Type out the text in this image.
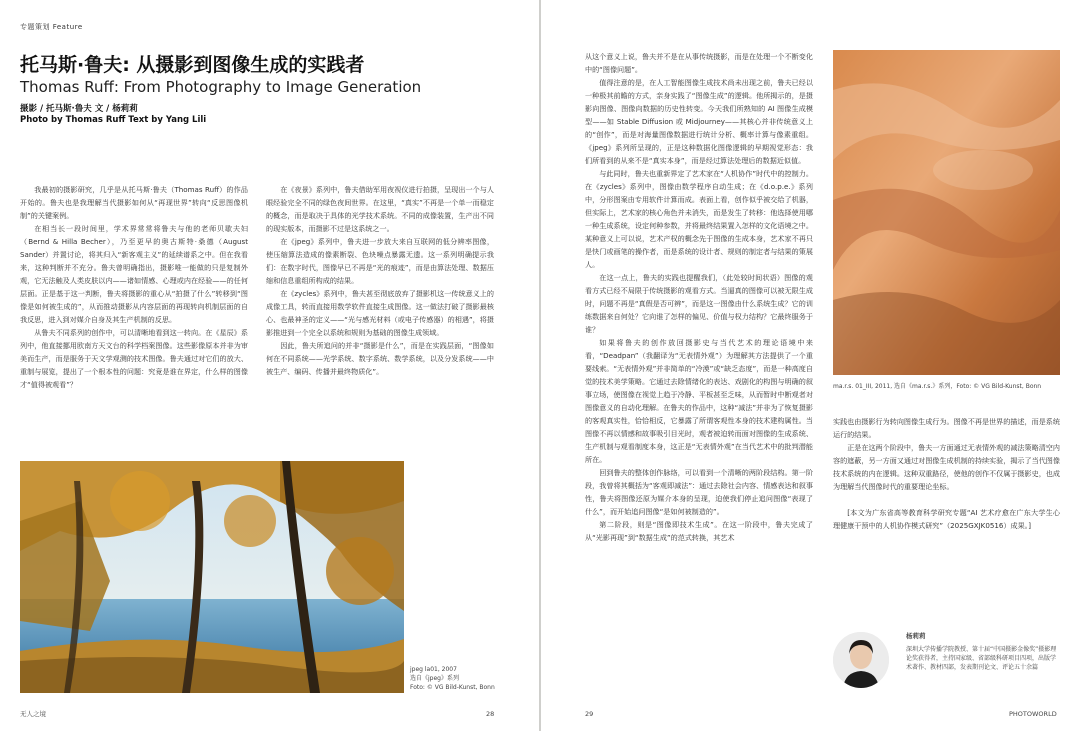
专题策划 Feature
托马斯·鲁夫: 从摄影到图像生成的实践者
Thomas Ruff: From Photography to Image Generation
摄影 / 托马斯·鲁夫 文 / 杨莉莉
Photo by Thomas Ruff Text by Yang Lili

我最初的摄影研究，几乎是从托马斯·鲁夫（Thomas Ruff）的作品开始的。鲁夫也是我理解当代摄影如何从“再现世界”转向“反思图像机制”的关键案例。

在相当长一段时间里，学术界常常将鲁夫与他的老师贝歇夫妇（Bernd & Hilla Becher），乃至更早的奥古斯特·桑德（August Sander）并置讨论，将其归入“新客观主义”的延续谱系之中。但在我看来，这种判断并不充分。鲁夫曾明确指出，摄影唯一能做的只是复制外观，它无法触及人类皮肤以内——诸如情感、心理或内在经验——的任何层面。正是基于这一判断，鲁夫将摄影的重心从“拍摄了什么”转移到“图像是如何被生成的”，从而推动摄影从内容层面的再现转向机制层面的自我反思，进入到对媒介自身及其生产机制的反思。

从鲁夫不同系列的创作中，可以清晰地看到这一转向。在《星辰》系列中，他直接挪用欧南方天文台的科学档案图像。这些影像原本并非为审美而生产，而是服务于天文学观测的技术图像。鲁夫通过对它们的放大、重制与展览，提出了一个根本性的问题：究竟是谁在界定，什么样的图像才“值得被观看”？

在《夜景》系列中，鲁夫借助军用夜视仪进行拍摄，呈现出一个与人眼经验完全不同的绿色夜间世界。在这里，“真实”不再是一个单一而稳定的概念，而是取决于具体的光学技术系统。不同的成像装置，生产出不同的现实版本，而摄影不过是这系统之一。

在《jpeg》系列中，鲁夫进一步放大来自互联网的低分辨率图像，使压缩算法造成的像素断裂、色块噪点暴露无遗。这一系列明确提示我们：在数字时代，图像早已不再是“光的痕迹”，而是由算法处理、数据压缩和信息重组所构成的结果。

在《zycles》系列中，鲁夫甚至彻底放弃了摄影机这一传统意义上的成像工具，转而直接用数学软件直接生成图像。这一做法打破了摄影最核心、也最神圣的定义——“光与感光材料（或电子传感器）的相遇”，将摄影推进到一个完全以系统和规则为基础的图像生成领域。

因此，鲁夫所追问的并非“摄影是什么”，而是在实践层面，“图像如何在不同系统——光学系统、数字系统、数学系统，以及分发系统——中被生产、编码、传播并最终物质化”。

jpeg la01, 2007
选自《jpeg》系列
Foto: © VG Bild-Kunst, Bonn
无人之境	28

从这个意义上说，鲁夫并不是在从事传统摄影，而是在处理一个不断变化中的“图像问题”。

值得注意的是，在人工智能图像生成技术尚未出现之前，鲁夫已经以一种极其前瞻的方式，亲身实践了“图像生成”的逻辑。他所揭示的，是摄影向图像、图像向数据的历史性转变。今天我们所熟知的 AI 图像生成模型——如 Stable Diffusion 或 Midjourney——其核心并非传统意义上的“创作”，而是对海量图像数据进行统计分析、概率计算与像素重组。《jpeg》系列所呈现的，正是这种数据化图像逻辑的早期视觉形态：我们所看到的从来不是“真实本身”，而是经过算法处理后的数据近似值。

与此同时，鲁夫也重新界定了艺术家在“人机协作”时代中的控制力。在《zycles》系列中，图像由数学程序自动生成；在《d.o.p.e.》系列中，分形图案由专用软件计算而成。表面上看，创作似乎被交给了机器，但实际上，艺术家的核心角色并未消失，而是发生了转移：他选择使用哪一种生成系统，设定何种参数，并将最终结果置入怎样的文化语境之中。某种意义上可以说，艺术产权的概念先于图像的生成本身，艺术家不再只是快门或画笔的操作者，而是系统的设计者、规则的制定者与结果的策展人。

在这一点上，鲁夫的实践也提醒我们，（此处较时间状语）图像的观看方式已经不局限于传统摄影的观看方式。当逼真的图像可以被无限生成时，问题不再是“真假是否可辨”，而是这一图像由什么系统生成？它的训练数据来自何处？它向谁了怎样的偏见、价值与权力结构？它最终服务于谁？

如果将鲁夫的创作放回摄影史与当代艺术的理论语境中来看，“Deadpan”（我翻译为“无表情外观”）为理解其方法提供了一个重要线索。“无表情外观”并非简单的“冷漠”或“缺乏态度”，而是一种高度自觉的技术美学策略。它通过去除情绪化的表达、戏剧化的构图与明确的叙事立场，使图像在视觉上趋于冷静、平板甚至乏味，从而暂时中断观者对图像意义的自动化理解。在鲁夫的作品中，这种“减法”并非为了恢复摄影的客观真实性，恰恰相反，它暴露了所谓客观性本身的技术建构属性。当图像不再以情感和故事吸引目光时，观者被迫转而面对图像的生成系统、生产机制与观看制度本身，这正是“无表情外观”在当代艺术中的批判潜能所在。

回到鲁夫的整体创作脉络，可以看到一个清晰的两阶段结构。第一阶段，我曾将其概括为“客观即减法”：通过去除社会内容、情感表达和叙事性，鲁夫将图像还原为媒介本身的呈现，迫使我们停止追问图像“表现了什么”，而开始追问图像“是如何被制造的”。

第二阶段，则是“图像即技术生成”。在这一阶段中，鲁夫完成了从“光影再现”到“数据生成”的范式转换，其艺术

ma.r.s. 01_III, 2011, 选自《ma.r.s.》系列，Foto: © VG Bild-Kunst, Bonn

实践也由摄影行为转向图像生成行为。图像不再是世界的描述，而是系统运行的结果。

正是在这两个阶段中，鲁夫一方面通过无表情外观的减法策略清空内容的遮蔽，另一方面又通过对图像生成机制的持续实验，揭示了当代图像技术系统的内在逻辑。这种双重路径，使他的创作不仅属于摄影史，也成为理解当代图像时代的重要理论坐标。

[本文为广东省高等教育科学研究专题“AI 艺术疗愈在广东大学生心理健康干预中的人机协作模式研究”（2025GXJK0516）成果。]

杨莉莉
深圳大学传播学院教授、第十届“中国摄影金像奖”摄影理论奖获得者，主持国家级、省部级科研项目四项，出版学术著作、教材四部，发表期刊论文、评论五十余篇
29	PHOTOWORLD
